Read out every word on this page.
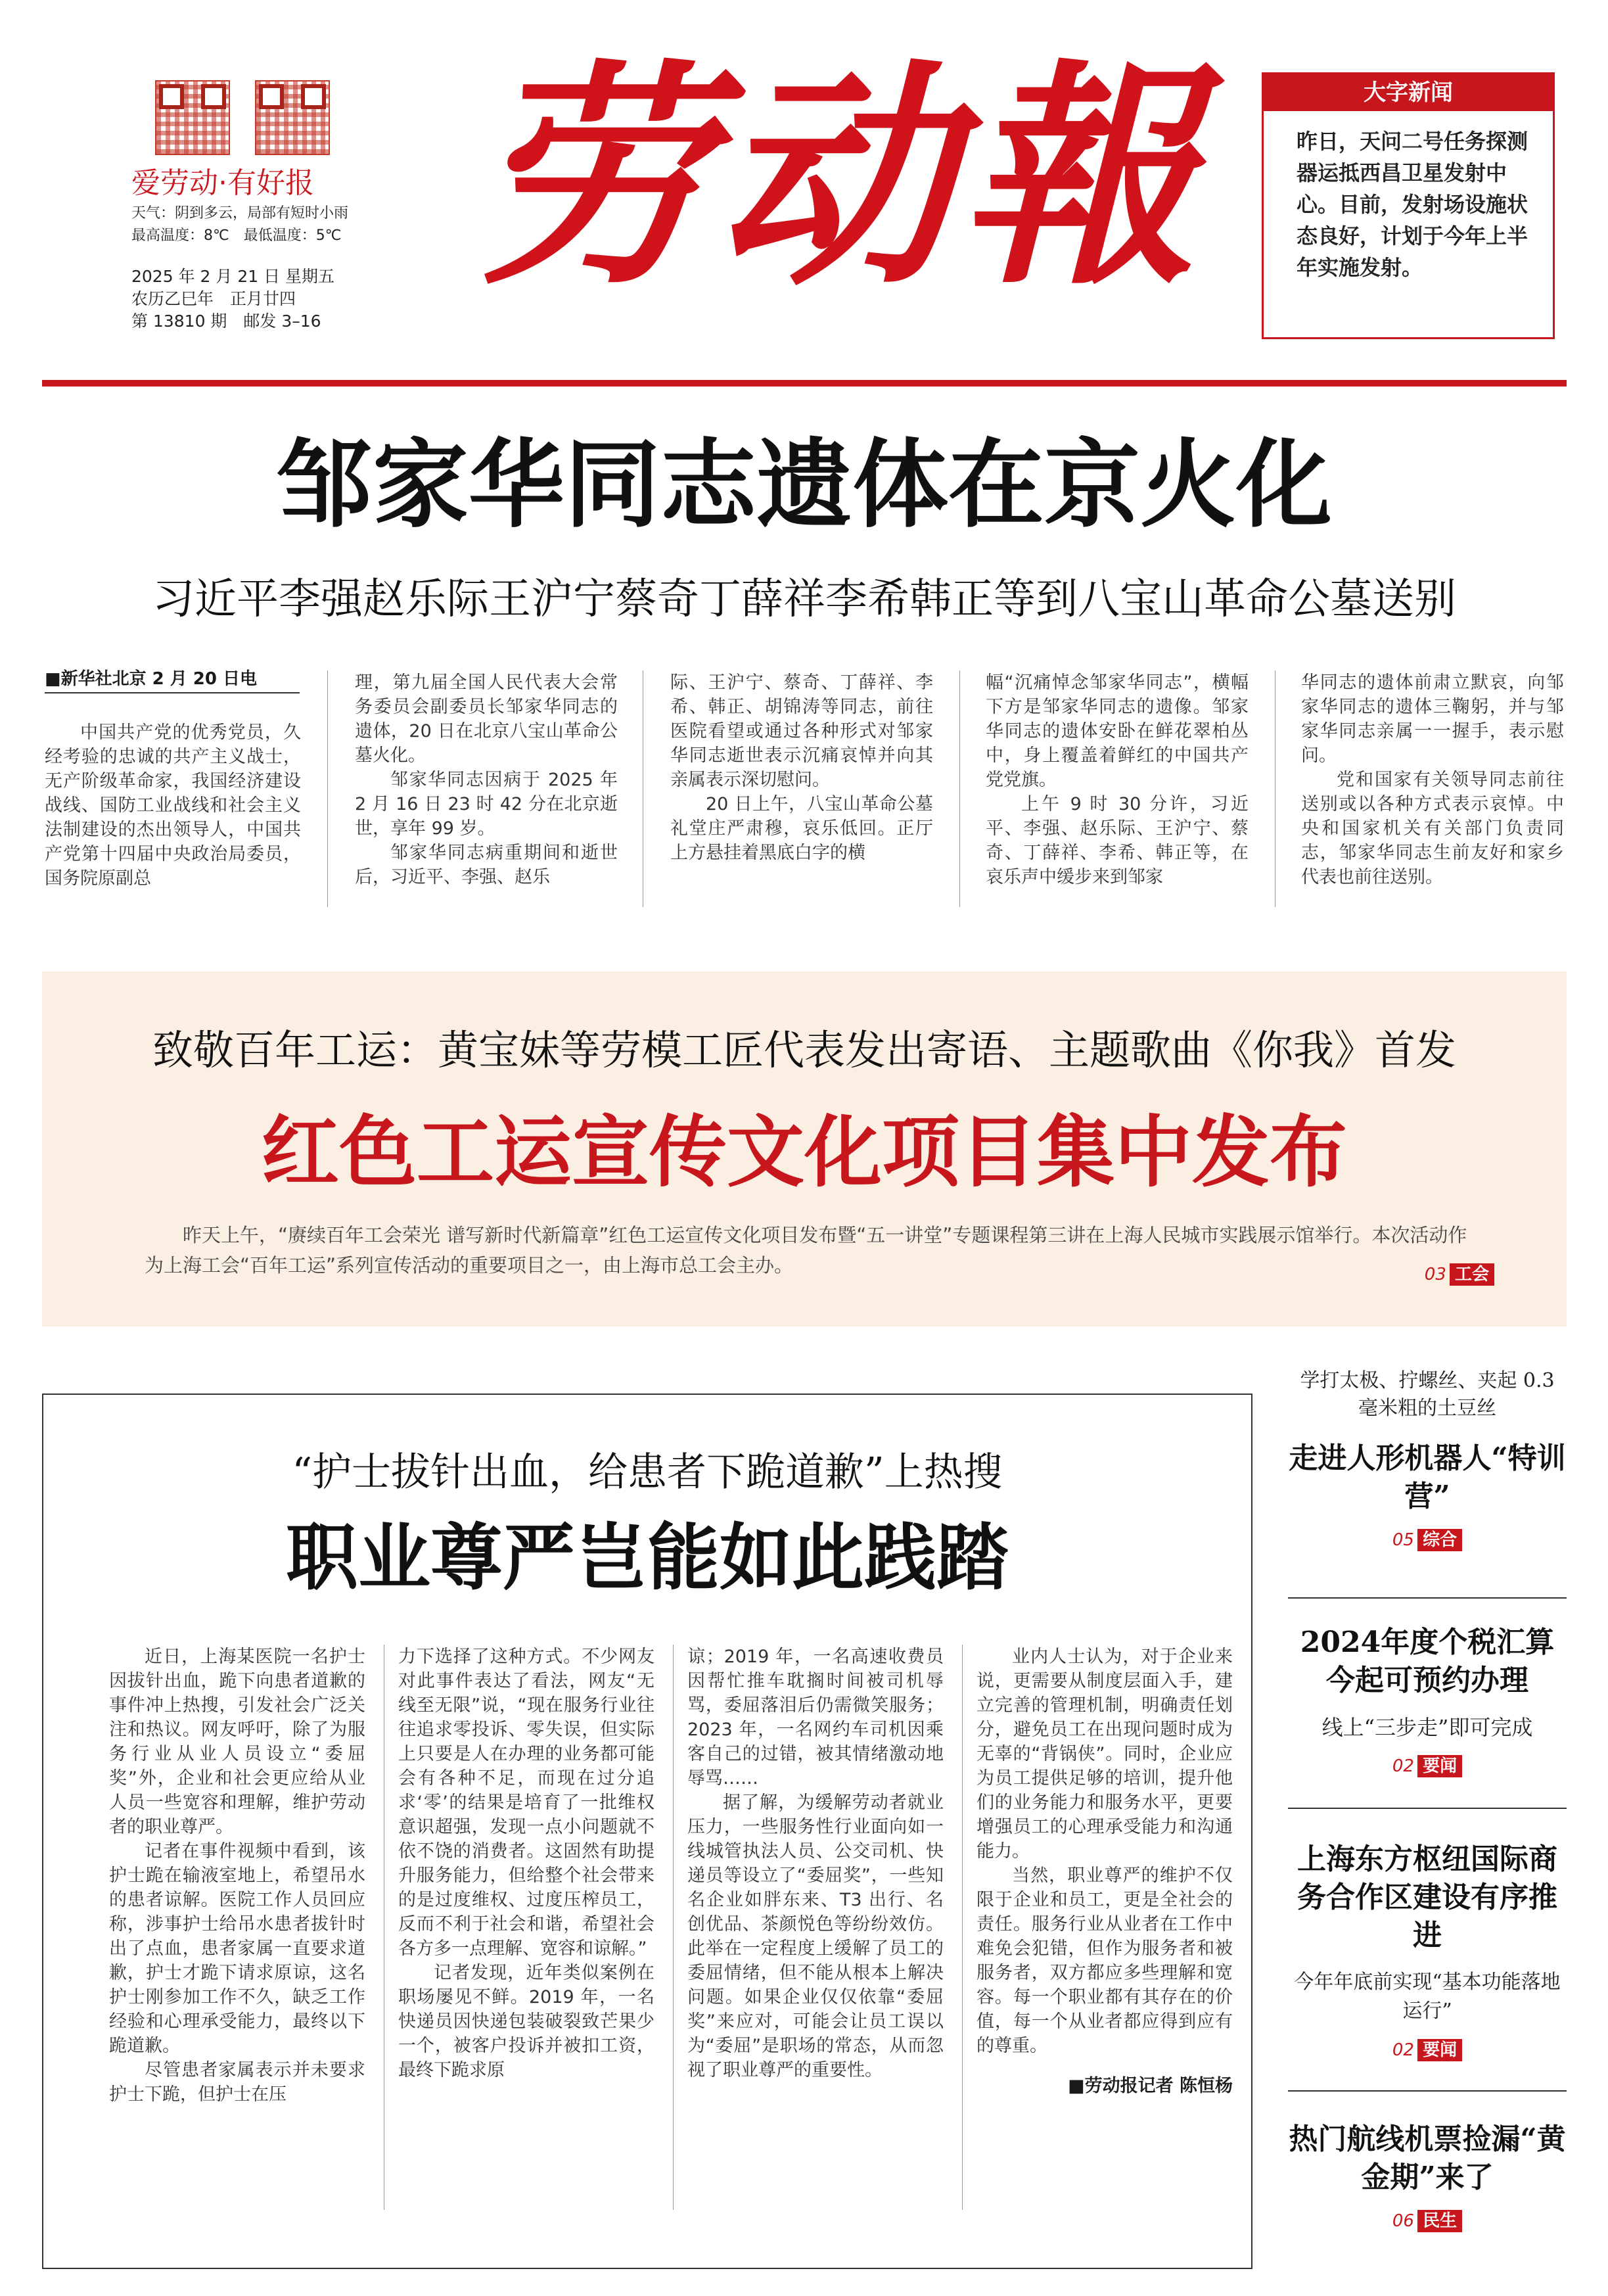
爱劳动·有好报
天气：阴到多云，局部有短时小雨
最高温度：8℃　最低温度：5℃
2025 年 2 月 21 日 星期五
农历乙巳年　正月廿四
第 13810 期　邮发 3–16
劳动報	大字新闻
昨日，天问二号任务探测器运抵西昌卫星发射中心。目前，发射场设施状态良好，计划于今年上半年实施发射。
邹家华同志遗体在京火化
习近平李强赵乐际王沪宁蔡奇丁薛祥李希韩正等到八宝山革命公墓送别
■新华社北京 2 月 20 日电

中国共产党的优秀党员，久经考验的忠诚的共产主义战士，无产阶级革命家，我国经济建设战线、国防工业战线和社会主义法制建设的杰出领导人，中国共产党第十四届中央政治局委员，国务院原副总

理，第九届全国人民代表大会常务委员会副委员长邹家华同志的遗体，20 日在北京八宝山革命公墓火化。

邹家华同志因病于 2025 年 2 月 16 日 23 时 42 分在北京逝世，享年 99 岁。

邹家华同志病重期间和逝世后，习近平、李强、赵乐

际、王沪宁、蔡奇、丁薛祥、李希、韩正、胡锦涛等同志，前往医院看望或通过各种形式对邹家华同志逝世表示沉痛哀悼并向其亲属表示深切慰问。

20 日上午，八宝山革命公墓礼堂庄严肃穆，哀乐低回。正厅上方悬挂着黑底白字的横

幅“沉痛悼念邹家华同志”，横幅下方是邹家华同志的遗像。邹家华同志的遗体安卧在鲜花翠柏丛中，身上覆盖着鲜红的中国共产党党旗。

上午 9 时 30 分许，习近平、李强、赵乐际、王沪宁、蔡奇、丁薛祥、李希、韩正等，在哀乐声中缓步来到邹家

华同志的遗体前肃立默哀，向邹家华同志的遗体三鞠躬，并与邹家华同志亲属一一握手，表示慰问。

党和国家有关领导同志前往送别或以各种方式表示哀悼。中央和国家机关有关部门负责同志，邹家华同志生前友好和家乡代表也前往送别。

致敬百年工运：黄宝妹等劳模工匠代表发出寄语、主题歌曲《你我》首发
红色工运宣传文化项目集中发布
昨天上午，“赓续百年工会荣光 谱写新时代新篇章”红色工运宣传文化项目发布暨“五一讲堂”专题课程第三讲在上海人民城市实践展示馆举行。本次活动作为上海工会“百年工运”系列宣传活动的重要项目之一，由上海市总工会主办。	03 工会
“护士拔针出血，给患者下跪道歉”上热搜
职业尊严岂能如此践踏

近日，上海某医院一名护士因拔针出血，跪下向患者道歉的事件冲上热搜，引发社会广泛关注和热议。网友呼吁，除了为服务行业从业人员设立“委屈奖”外，企业和社会更应给从业人员一些宽容和理解，维护劳动者的职业尊严。

记者在事件视频中看到，该护士跪在输液室地上，希望吊水的患者谅解。医院工作人员回应称，涉事护士给吊水患者拔针时出了点血，患者家属一直要求道歉，护士才跪下请求原谅，这名护士刚参加工作不久，缺乏工作经验和心理承受能力，最终以下跪道歉。

尽管患者家属表示并未要求护士下跪，但护士在压

力下选择了这种方式。不少网友对此事件表达了看法，网友“无线至无限”说，“现在服务行业往往追求零投诉、零失误，但实际上只要是人在办理的业务都可能会有各种不足，而现在过分追求‘零’的结果是培育了一批维权意识超强，发现一点小问题就不依不饶的消费者。这固然有助提升服务能力，但给整个社会带来的是过度维权、过度压榨员工，反而不利于社会和谐，希望社会各方多一点理解、宽容和谅解。”

记者发现，近年类似案例在职场屡见不鲜。2019 年，一名快递员因快递包装破裂致芒果少一个，被客户投诉并被扣工资，最终下跪求原

谅；2019 年，一名高速收费员因帮忙推车耽搁时间被司机辱骂，委屈落泪后仍需微笑服务；2023 年，一名网约车司机因乘客自己的过错，被其情绪激动地辱骂……

据了解，为缓解劳动者就业压力，一些服务性行业面向如一线城管执法人员、公交司机、快递员等设立了“委屈奖”，一些知名企业如胖东来、T3 出行、名创优品、茶颜悦色等纷纷效仿。此举在一定程度上缓解了员工的委屈情绪，但不能从根本上解决问题。如果企业仅仅依靠“委屈奖”来应对，可能会让员工误以为“委屈”是职场的常态，从而忽视了职业尊严的重要性。

业内人士认为，对于企业来说，更需要从制度层面入手，建立完善的管理机制，明确责任划分，避免员工在出现问题时成为无辜的“背锅侠”。同时，企业应为员工提供足够的培训，提升他们的业务能力和服务水平，更要增强员工的心理承受能力和沟通能力。

当然，职业尊严的维护不仅限于企业和员工，更是全社会的责任。服务行业从业者在工作中难免会犯错，但作为服务者和被服务者，双方都应多些理解和宽容。每一个职业都有其存在的价值，每一个从业者都应得到应有的尊重。

■劳动报记者 陈恒杨
学打太极、拧螺丝、夹起 0.3 毫米粗的土豆丝
走进人形机器人“特训营”
05 综合
2024年度个税汇算今起可预约办理
线上“三步走”即可完成
02 要闻
上海东方枢纽国际商务合作区建设有序推进
今年年底前实现“基本功能落地运行”
02 要闻
热门航线机票捡漏“黄金期”来了
06 民生
